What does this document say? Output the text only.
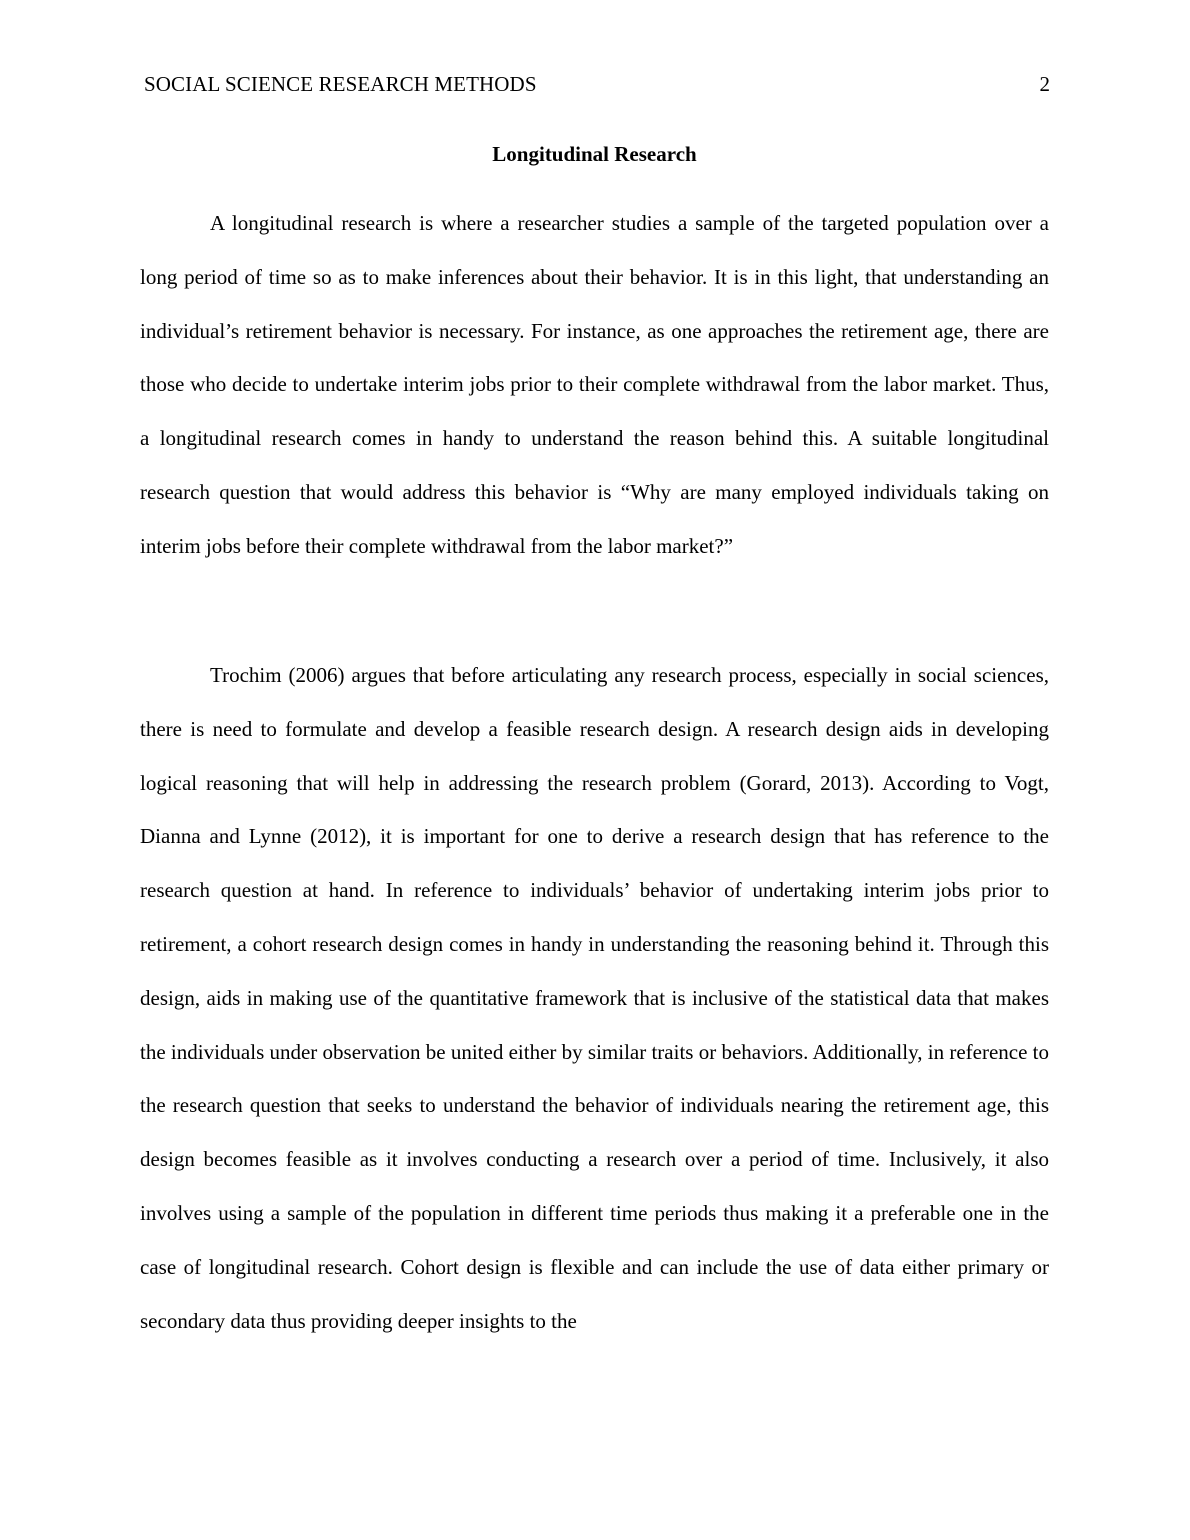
SOCIAL SCIENCE RESEARCH METHODS	2
Longitudinal Research

A longitudinal research is where a researcher studies a sample of the targeted population over a long period of time so as to make inferences about their behavior. It is in this light, that understanding an individual’s retirement behavior is necessary. For instance, as one approaches the retirement age, there are those who decide to undertake interim jobs prior to their complete withdrawal from the labor market. Thus, a longitudinal research comes in handy to understand the reason behind this. A suitable longitudinal research question that would address this behavior is “Why are many employed individuals taking on interim jobs before their complete withdrawal from the labor market?”

Trochim (2006) argues that before articulating any research process, especially in social sciences, there is need to formulate and develop a feasible research design. A research design aids in developing logical reasoning that will help in addressing the research problem (Gorard, 2013). According to Vogt, Dianna and Lynne (2012), it is important for one to derive a research design that has reference to the research question at hand. In reference to individuals’ behavior of undertaking interim jobs prior to retirement, a cohort research design comes in handy in understanding the reasoning behind it. Through this design, aids in making use of the quantitative framework that is inclusive of the statistical data that makes the individuals under observation be united either by similar traits or behaviors. Additionally, in reference to the research question that seeks to understand the behavior of individuals nearing the retirement age, this design becomes feasible as it involves conducting a research over a period of time. Inclusively, it also involves using a sample of the population in different time periods thus making it a preferable one in the case of longitudinal research. Cohort design is flexible and can include the use of data either primary or secondary data thus providing deeper insights to the
